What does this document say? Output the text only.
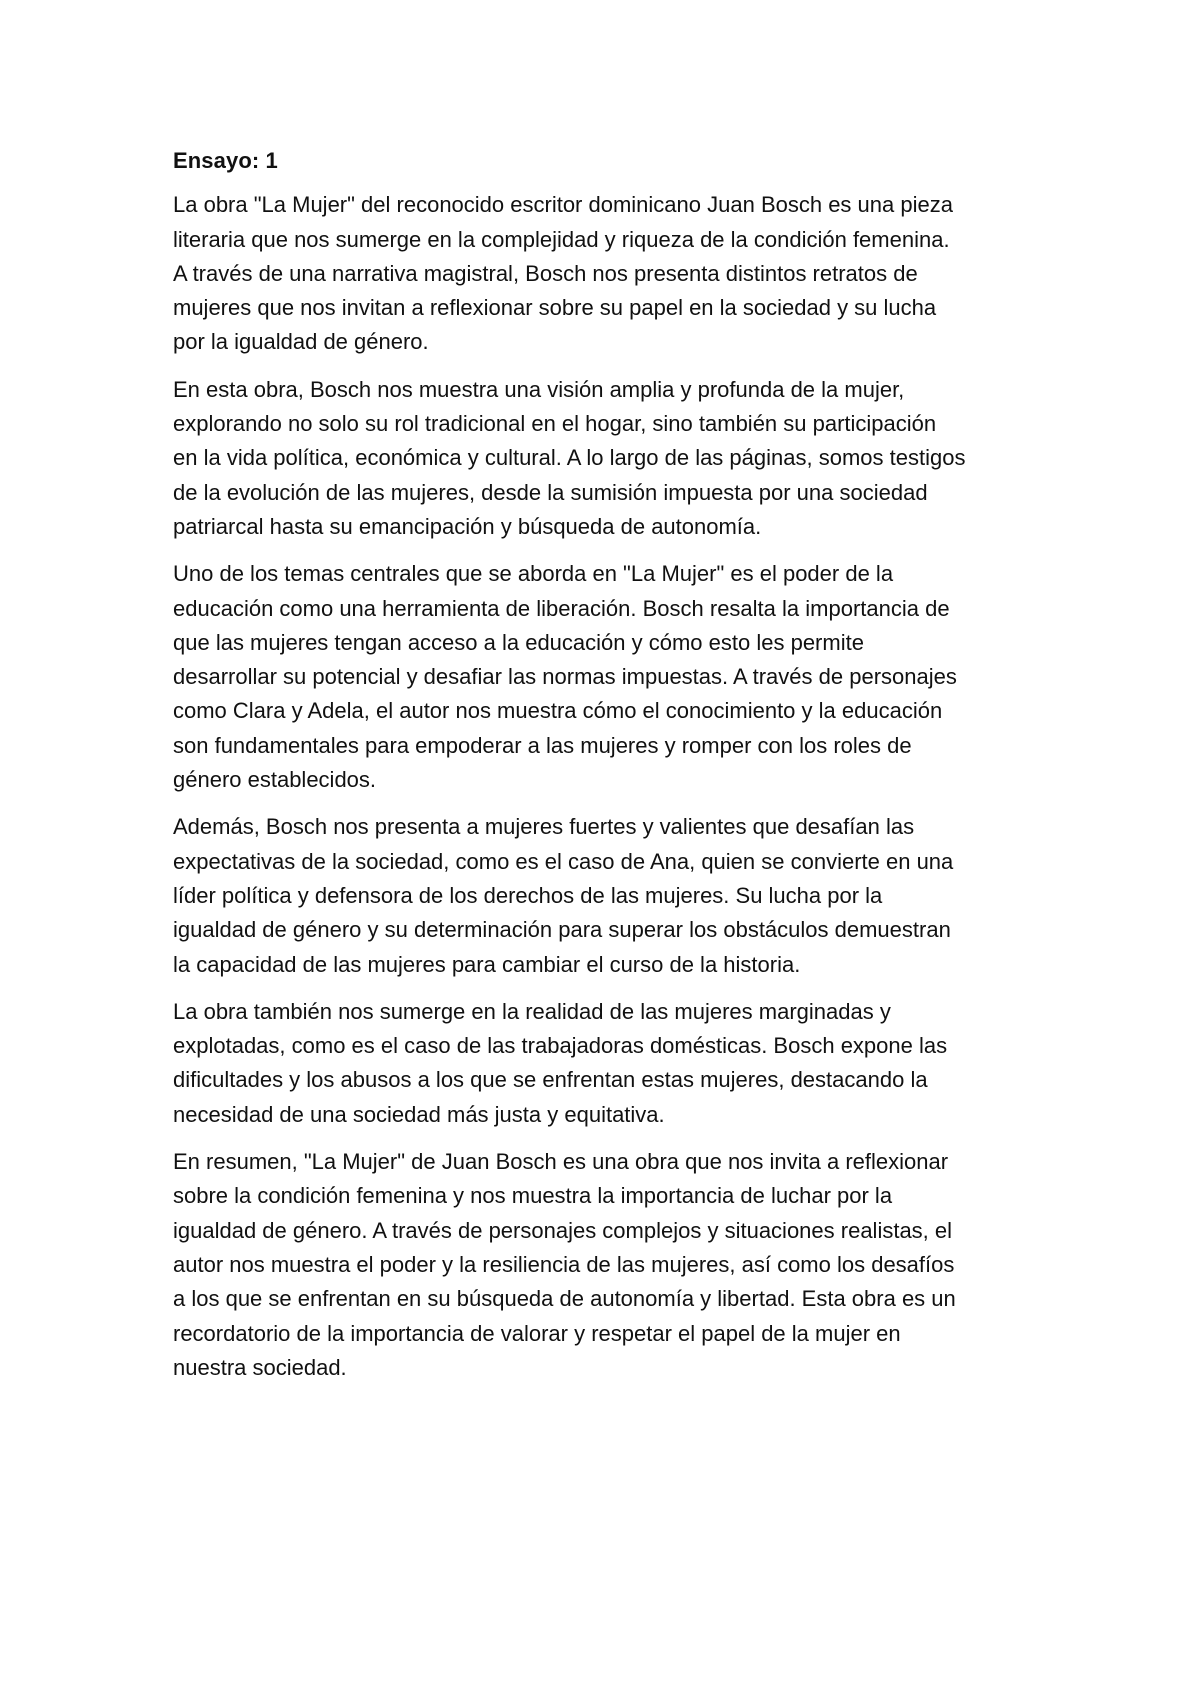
Ensayo: 1
La obra "La Mujer" del reconocido escritor dominicano Juan Bosch es una pieza
literaria que nos sumerge en la complejidad y riqueza de la condición femenina.
A través de una narrativa magistral, Bosch nos presenta distintos retratos de
mujeres que nos invitan a reflexionar sobre su papel en la sociedad y su lucha
por la igualdad de género.
En esta obra, Bosch nos muestra una visión amplia y profunda de la mujer,
explorando no solo su rol tradicional en el hogar, sino también su participación
en la vida política, económica y cultural. A lo largo de las páginas, somos testigos
de la evolución de las mujeres, desde la sumisión impuesta por una sociedad
patriarcal hasta su emancipación y búsqueda de autonomía.
Uno de los temas centrales que se aborda en "La Mujer" es el poder de la
educación como una herramienta de liberación. Bosch resalta la importancia de
que las mujeres tengan acceso a la educación y cómo esto les permite
desarrollar su potencial y desafiar las normas impuestas. A través de personajes
como Clara y Adela, el autor nos muestra cómo el conocimiento y la educación
son fundamentales para empoderar a las mujeres y romper con los roles de
género establecidos.
Además, Bosch nos presenta a mujeres fuertes y valientes que desafían las
expectativas de la sociedad, como es el caso de Ana, quien se convierte en una
líder política y defensora de los derechos de las mujeres. Su lucha por la
igualdad de género y su determinación para superar los obstáculos demuestran
la capacidad de las mujeres para cambiar el curso de la historia.
La obra también nos sumerge en la realidad de las mujeres marginadas y
explotadas, como es el caso de las trabajadoras domésticas. Bosch expone las
dificultades y los abusos a los que se enfrentan estas mujeres, destacando la
necesidad de una sociedad más justa y equitativa.
En resumen, "La Mujer" de Juan Bosch es una obra que nos invita a reflexionar
sobre la condición femenina y nos muestra la importancia de luchar por la
igualdad de género. A través de personajes complejos y situaciones realistas, el
autor nos muestra el poder y la resiliencia de las mujeres, así como los desafíos
a los que se enfrentan en su búsqueda de autonomía y libertad. Esta obra es un
recordatorio de la importancia de valorar y respetar el papel de la mujer en
nuestra sociedad.
